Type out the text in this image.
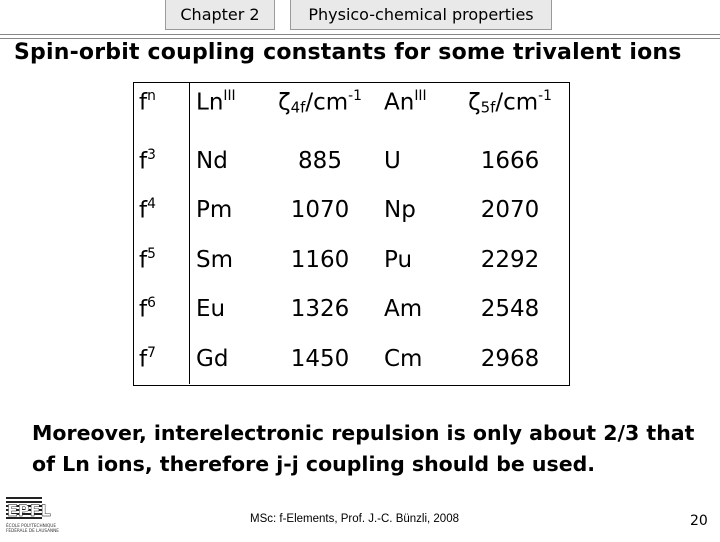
Chapter 2	Physico-chemical properties
Spin-orbit coupling constants for some trivalent ions
$f^n$	$Ln^{III}$	$\zeta_{4f}/cm^{-1}$	$An^{III}$	$\zeta_{5f}/cm^{-1}$
$f^3$	Nd	885	U	1666
$f^4$	Pm	1070	Np	2070
$f^5$	Sm	1160	Pu	2292
$f^6$	Eu	1326	Am	2548
$f^7$	Gd	1450	Cm	2968
Moreover, interelectronic repulsion is only about 2/3 that of Ln ions, therefore j-j coupling should be used.
EPFL
ÉCOLE POLYTECHNIQUE
FÉDÉRALE DE LAUSANNE
MSc: f-Elements, Prof. J.-C. Bünzli, 2008	20
